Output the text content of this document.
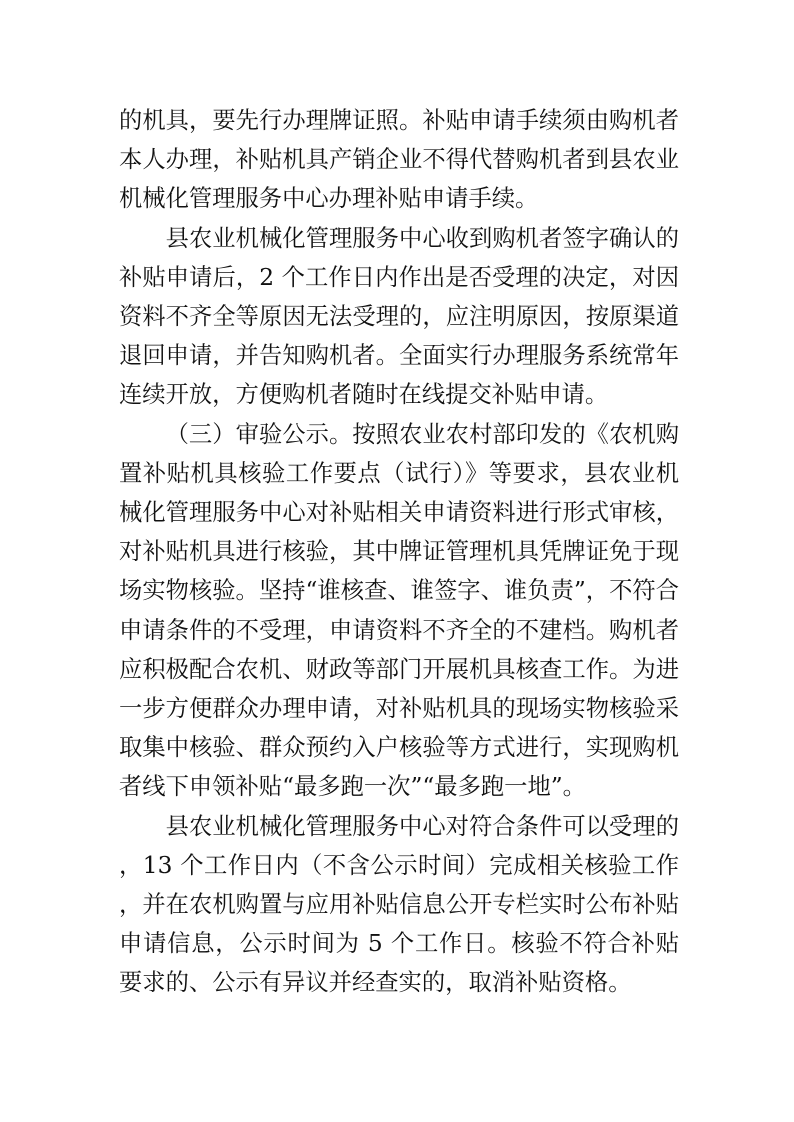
的机具，要先行办理牌证照。补贴申请手续须由购机者本人办理，补贴机具产销企业不得代替购机者到县农业机械化管理服务中心办理补贴申请手续。

县农业机械化管理服务中心收到购机者签字确认的补贴申请后，2 个工作日内作出是否受理的决定，对因资料不齐全等原因无法受理的，应注明原因，按原渠道退回申请，并告知购机者。全面实行办理服务系统常年连续开放，方便购机者随时在线提交补贴申请。

（三）审验公示。按照农业农村部印发的《农机购置补贴机具核验工作要点（试行）》等要求，县农业机械化管理服务中心对补贴相关申请资料进行形式审核，对补贴机具进行核验，其中牌证管理机具凭牌证免于现场实物核验。坚持“谁核查、谁签字、谁负责”，不符合申请条件的不受理，申请资料不齐全的不建档。购机者应积极配合农机、财政等部门开展机具核查工作。为进一步方便群众办理申请，对补贴机具的现场实物核验采取集中核验、群众预约入户核验等方式进行，实现购机者线下申领补贴“最多跑一次”“最多跑一地”。

县农业机械化管理服务中心对符合条件可以受理的，13 个工作日内（不含公示时间）完成相关核验工作，并在农机购置与应用补贴信息公开专栏实时公布补贴申请信息，公示时间为 5 个工作日。核验不符合补贴要求的、公示有异议并经查实的，取消补贴资格。
